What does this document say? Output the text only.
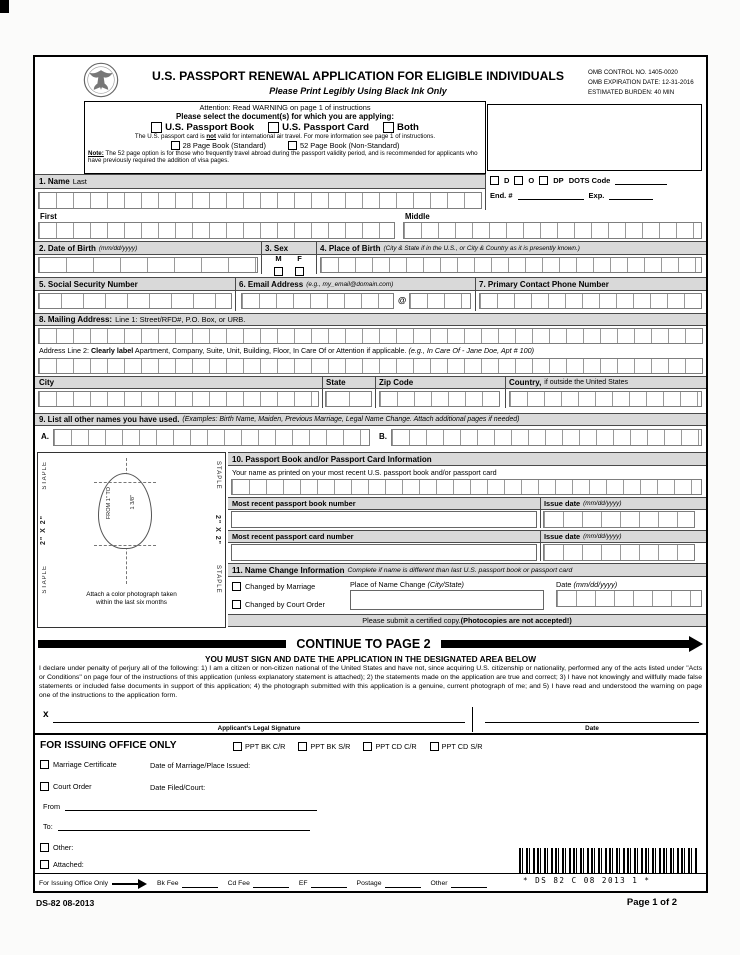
U.S. PASSPORT RENEWAL APPLICATION FOR ELIGIBLE INDIVIDUALS
Please Print Legibly Using Black Ink Only
OMB CONTROL NO. 1405-0020
OMB EXPIRATION DATE: 12-31-2016
ESTIMATED BURDEN: 40 MIN
Attention: Read WARNING on page 1 of instructions
Please select the document(s) for which you are applying:
U.S. Passport Book	U.S. Passport Card	Both
The U.S. passport card is not valid for international air travel. For more information see page 1 of instructions.
28 Page Book (Standard)	52 Page Book (Non-Standard)
Note: The 52 page option is for those who frequently travel abroad during the passport validity period, and is recommended for applicants who have previously required the addition of visa pages.
1. Name Last	D	O	DP DOTS Code
End. #	Exp.
First	Middle
2. Date of Birth (mm/dd/yyyy)	3. Sex	4. Place of Birth (City & State if in the U.S., or City & Country as it is presently known.)
M F
5. Social Security Number	6. Email Address (e.g., my_email@domain.com)	7. Primary Contact Phone Number
@
8. Mailing Address: Line 1: Street/RFD#, P.O. Box, or URB.
Address Line 2: Clearly label Apartment, Company, Suite, Unit, Building, Floor, In Care Of or Attention if applicable. (e.g., In Care Of - Jane Doe, Apt # 100)
City	State	Zip Code	Country, if outside the United States
9. List all other names you have used. (Examples: Birth Name, Maiden, Previous Marriage, Legal Name Change. Attach additional pages if needed)
A.	B.
STAPLE	STAPLE
STAPLE	STAPLE
2" X 2"	2" X 2"
FROM 1" TO	1 3/8"
Attach a color photograph taken
within the last six months
10. Passport Book and/or Passport Card Information
Your name as printed on your most recent U.S. passport book and/or passport card
Most recent passport book number	Issue date (mm/dd/yyyy)
Most recent passport card number	Issue date (mm/dd/yyyy)
11. Name Change Information Complete if name is different than last U.S. passport book or passport card
Changed by Marriage
Changed by Court Order
Place of Name Change (City/State)	Date (mm/dd/yyyy)
Please submit a certified copy. (Photocopies are not accepted!)
CONTINUE TO PAGE 2
YOU MUST SIGN AND DATE THE APPLICATION IN THE DESIGNATED AREA BELOW
I declare under penalty of perjury all of the following: 1) I am a citizen or non-citizen national of the United States and have not, since acquiring U.S. citizenship or nationality, performed any of the acts listed under "Acts or Conditions" on page four of the instructions of this application (unless explanatory statement is attached); 2) the statements made on the application are true and correct; 3) I have not knowingly and willfully made false statements or included false documents in support of this application; 4) the photograph submitted with this application is a genuine, current photograph of me; and 5) I have read and understood the warning on page one of the instructions to the application form.
x
Applicant's Legal Signature	Date
FOR ISSUING OFFICE ONLY	PPT BK C/R	PPT BK S/R	PPT CD C/R	PPT CD S/R
Marriage Certificate	Date of Marriage/Place Issued:
Court Order	Date Filed/Court:
From
To:
Other:
Attached:
* DS 82 C 08 2013 1 *
For Issuing Office Only	Bk Fee	Cd Fee	EF	Postage	Other
DS-82 08-2013	Page 1 of 2
